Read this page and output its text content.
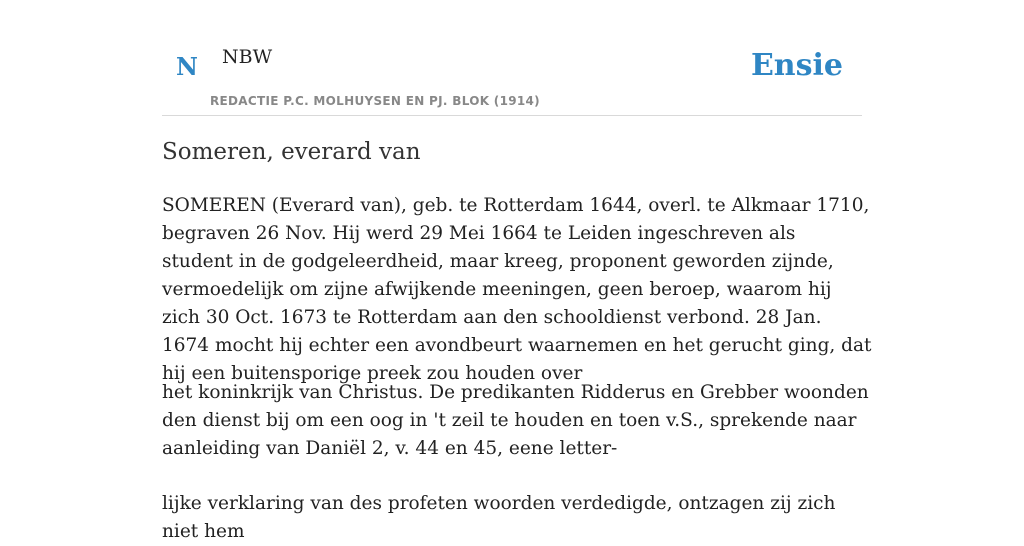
N NBW
REDACTIE P.C. MOLHUYSEN EN PJ. BLOK (1914)
Ensie
Someren, everard van

SOMEREN (Everard van), geb. te Rotterdam 1644, overl. te Alkmaar 1710, begraven 26 Nov. Hij werd 29 Mei 1664 te Leiden ingeschreven als student in de godgeleerdheid, maar kreeg, proponent geworden zijnde, vermoedelijk om zijne afwijkende meeningen, geen beroep, waarom hij zich 30 Oct. 1673 te Rotterdam aan den schooldienst verbond. 28 Jan. 1674 mocht hij echter een avondbeurt waarnemen en het gerucht ging, dat hij een buitensporige preek zou houden over

het koninkrijk van Christus. De predikanten Ridderus en Grebber woonden den dienst bij om een oog in 't zeil te houden en toen v.S., sprekende naar aanleiding van Daniël 2, v. 44 en 45, eene letter-

lijke verklaring van des profeten woorden verdedigde, ontzagen zij zich niet hem
